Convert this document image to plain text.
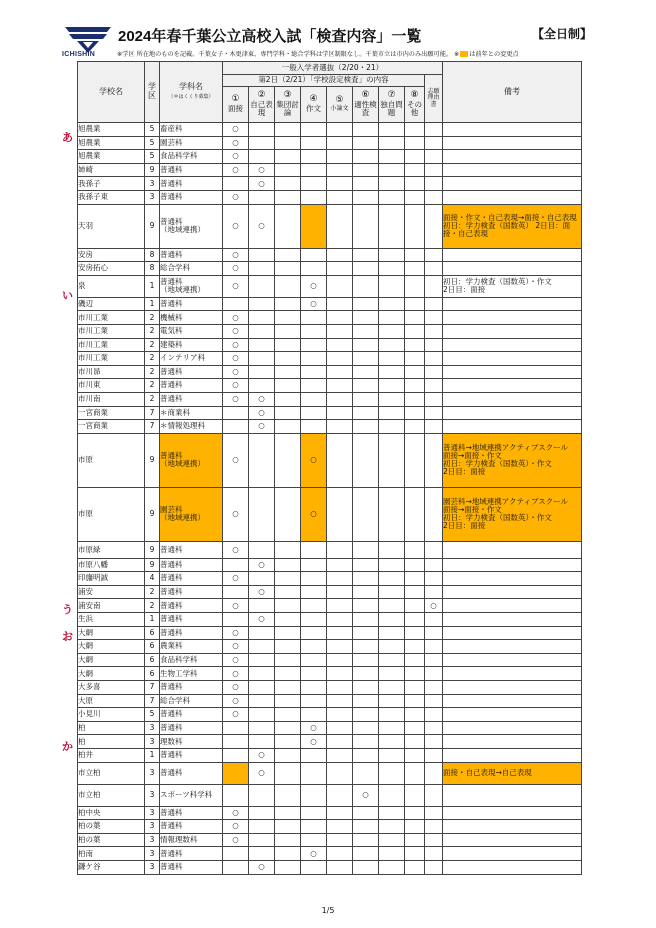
ICHISHIN
2024年春千葉公立高校入試「検査内容」一覧	【全日制】
※学区 所在地のものを記載。千葉女子・木更津東、専門学科・総合学科は学区制限なし。千葉市立は市内のみ出願可能。 ※ は前年との変更点
学校名	学区	学科名
（＊はくくり募集）	一般入学者選抜（2/20・21）									備考
			第2日（2/21）「学校設定検査」の内容								志願理由書	

			①
面接	②
自己表現	③
集団討論	④
作文	⑤
小論文	⑥
適性検査	⑦
独自問題	⑧
その他		
旭農業	5	畜産科	○									
旭農業	5	園芸科	○									
旭農業	5	食品科学科	○									
姉崎	9	普通科	○	○								
我孫子	3	普通科		○								
我孫子東	3	普通科	○									
天羽	9	普通科
（地域連携）	○	○								面接・作文・自己表現→面接・自己表現
初日：学力検査（国数英） 2日目：面接・自己表現
安房	8	普通科	○									
安房拓心	8	総合学科	○									
泉	1	普通科
（地域連携）	○			○						初日：学力検査（国数英）・作文
2日目：面接
磯辺	1	普通科				○						
市川工業	2	機械科	○									
市川工業	2	電気科	○									
市川工業	2	建築科	○									
市川工業	2	インテリア科	○									
市川昴	2	普通科	○									
市川東	2	普通科	○									
市川南	2	普通科	○	○								
一宮商業	7	＊商業科		○								
一宮商業	7	＊情報処理科		○								
市原	9	普通科
（地域連携）	○			○						普通科→地域連携アクティブスクール
面接→面接・作文
初日：学力検査（国数英）・作文
2日目：面接
市原	9	園芸科
（地域連携）	○			○						園芸科→地域連携アクティブスクール
面接→面接・作文
初日：学力検査（国数英）・作文
2日目：面接
市原緑	9	普通科	○									
市原八幡	9	普通科		○								
印旛明誠	4	普通科	○									
浦安	2	普通科		○								
浦安南	2	普通科	○								○	
生浜	1	普通科		○								
大網	6	普通科	○									
大網	6	農業科	○									
大網	6	食品科学科	○									
大網	6	生物工学科	○									
大多喜	7	普通科	○									
大原	7	総合学科	○									
小見川	5	普通科	○									
柏	3	普通科				○						
柏	3	理数科				○						
柏井	1	普通科		○								
市立柏	3	普通科		○								面接・自己表現→自己表現
市立柏	3	スポーツ科学科						○				
柏中央	3	普通科	○									
柏の葉	3	普通科	○									
柏の葉	3	情報理数科	○									
柏南	3	普通科				○						
鎌ケ谷	3	普通科		○								
あ
い
う
お
か
1/5
